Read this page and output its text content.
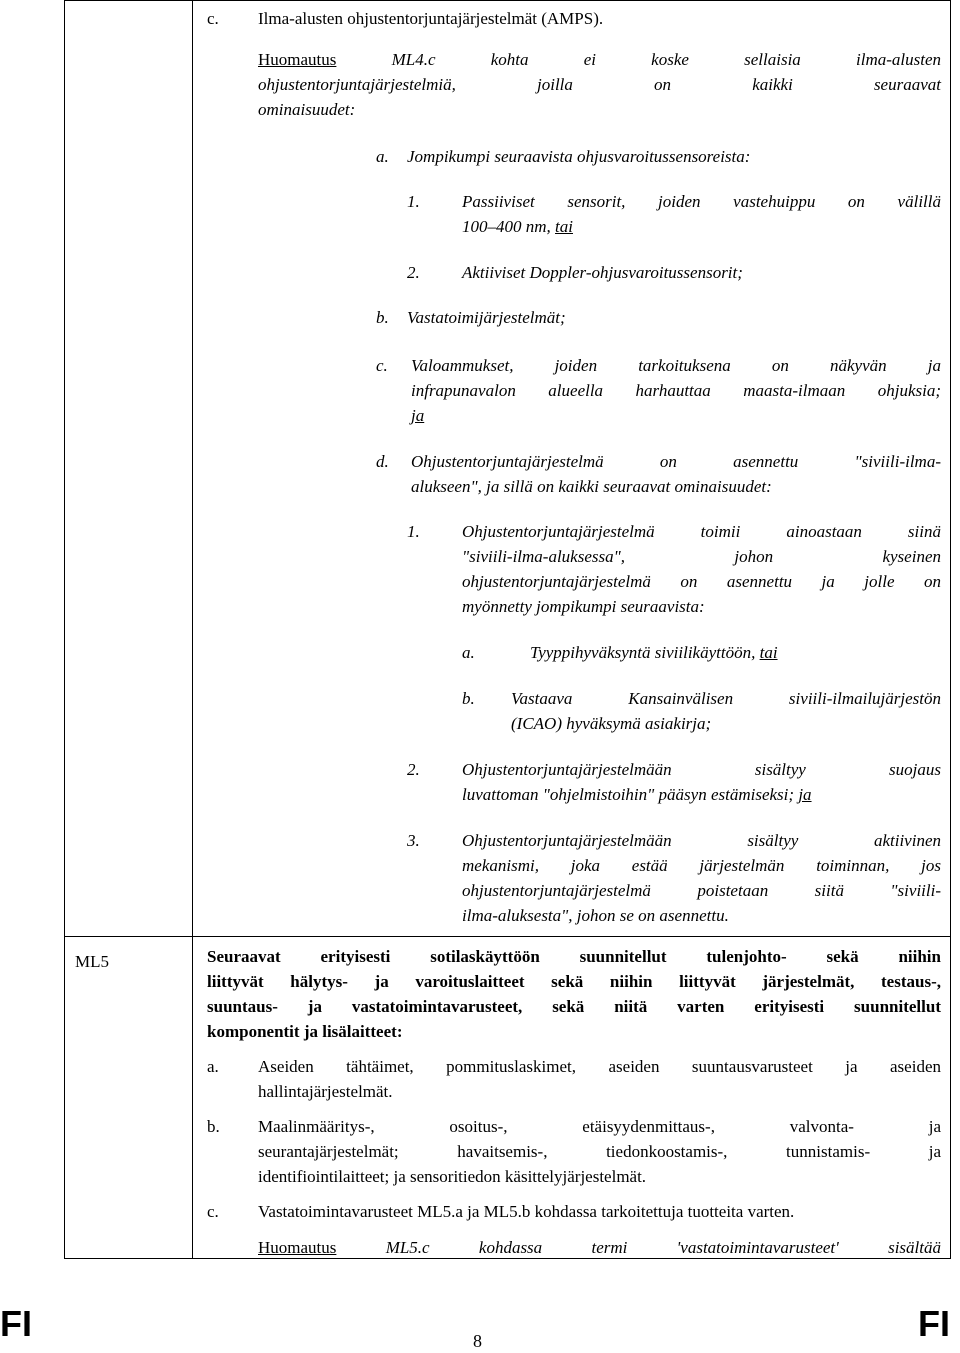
c. Ilma-alusten ohjustentorjuntajärjestelmät (AMPS).
Huomautus	ML4.c kohta ei koske sellaisia ilma-alusten
ohjustentorjuntajärjestelmiä, joilla on kaikki seuraavat
ominaisuudet:
a. Jompikumpi seuraavista ohjusvaroitussensoreista:
1. Passiiviset sensorit, joiden vastehuippu on välillä
100–400 nm, tai
2. Aktiiviset Doppler-ohjusvaroitussensorit;
b. Vastatoimijärjestelmät;
c. Valoammukset, joiden tarkoituksena on näkyvän ja
infrapunavalon alueella harhauttaa maasta-ilmaan ohjuksia;
ja
d. Ohjustentorjuntajärjestelmä on asennettu "siviili-ilma-
alukseen", ja sillä on kaikki seuraavat ominaisuudet:
1. Ohjustentorjuntajärjestelmä toimii ainoastaan siinä
"siviili-ilma-aluksessa", johon kyseinen
ohjustentorjuntajärjestelmä on asennettu ja jolle on
myönnetty jompikumpi seuraavista:
a.	Tyyppihyväksyntä siviilikäyttöön, tai
b. Vastaava Kansainvälisen siviili-ilmailujärjestön
(ICAO) hyväksymä asiakirja;
2. Ohjustentorjuntajärjestelmään sisältyy suojaus
luvattoman "ohjelmistoihin" pääsyn estämiseksi; ja
3. Ohjustentorjuntajärjestelmään sisältyy aktiivinen
mekanismi, joka estää järjestelmän toiminnan, jos
ohjustentorjuntajärjestelmä poistetaan siitä "siviili-
ilma-aluksesta", johon se on asennettu.
ML5	Seuraavat erityisesti sotilaskäyttöön suunnitellut tulenjohto- sekä niihin
liittyvät hälytys- ja varoituslaitteet sekä niihin liittyvät järjestelmät, testaus-,
suuntaus- ja vastatoimintavarusteet, sekä niitä varten erityisesti suunnitellut
komponentit ja lisälaitteet:
a. Aseiden tähtäimet, pommituslaskimet, aseiden suuntausvarusteet ja aseiden
hallintajärjestelmät.
b. Maalinmääritys-, osoitus-, etäisyydenmittaus-, valvonta- ja
seurantajärjestelmät; havaitsemis-, tiedonkoostamis-, tunnistamis- ja
identifiointilaitteet; ja sensoritiedon käsittelyjärjestelmät.
c. Vastatoimintavarusteet ML5.a ja ML5.b kohdassa tarkoitettuja tuotteita varten.
Huomautus	ML5.c kohdassa termi 'vastatoimintavarusteet' sisältää
FI	8	FI
